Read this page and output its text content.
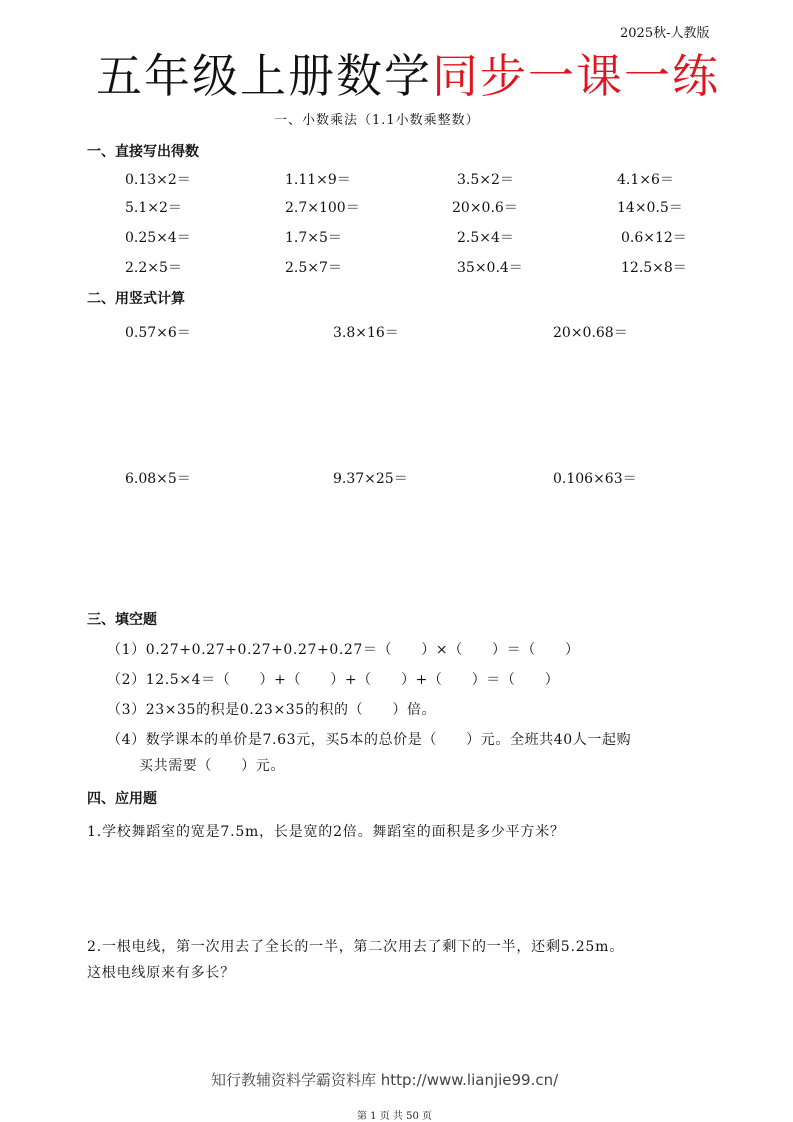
2025秋-人教版
五年级上册数学同步一课一练
一、小数乘法（1.1小数乘整数）
一、直接写出得数
0.13×2＝	1.11×9＝	3.5×2＝	4.1×6＝
5.1×2＝	2.7×100＝	20×0.6＝	14×0.5＝
0.25×4＝	1.7×5＝	2.5×4＝	0.6×12＝
2.2×5＝	2.5×7＝	35×0.4＝	12.5×8＝
二、用竖式计算
0.57×6＝	3.8×16＝	20×0.68＝
6.08×5＝	9.37×25＝	0.106×63＝
三、填空题
（1）0.27+0.27+0.27+0.27+0.27＝（　　）×（　　）＝（　　）
（2）12.5×4＝（　　）+（　　）+（　　）+（　　）＝（　　）
（3）23×35的积是0.23×35的积的（　　）倍。
（4）数学课本的单价是7.63元，买5本的总价是（　　）元。全班共40人一起购
买共需要（　　）元。
四、应用题
1.学校舞蹈室的宽是7.5m，长是宽的2倍。舞蹈室的面积是多少平方米？
2.一根电线，第一次用去了全长的一半，第二次用去了剩下的一半，还剩5.25m。
这根电线原来有多长？
知行教辅资料学霸资料库 http://www.lianjie99.cn/
第 1 页 共 50 页
